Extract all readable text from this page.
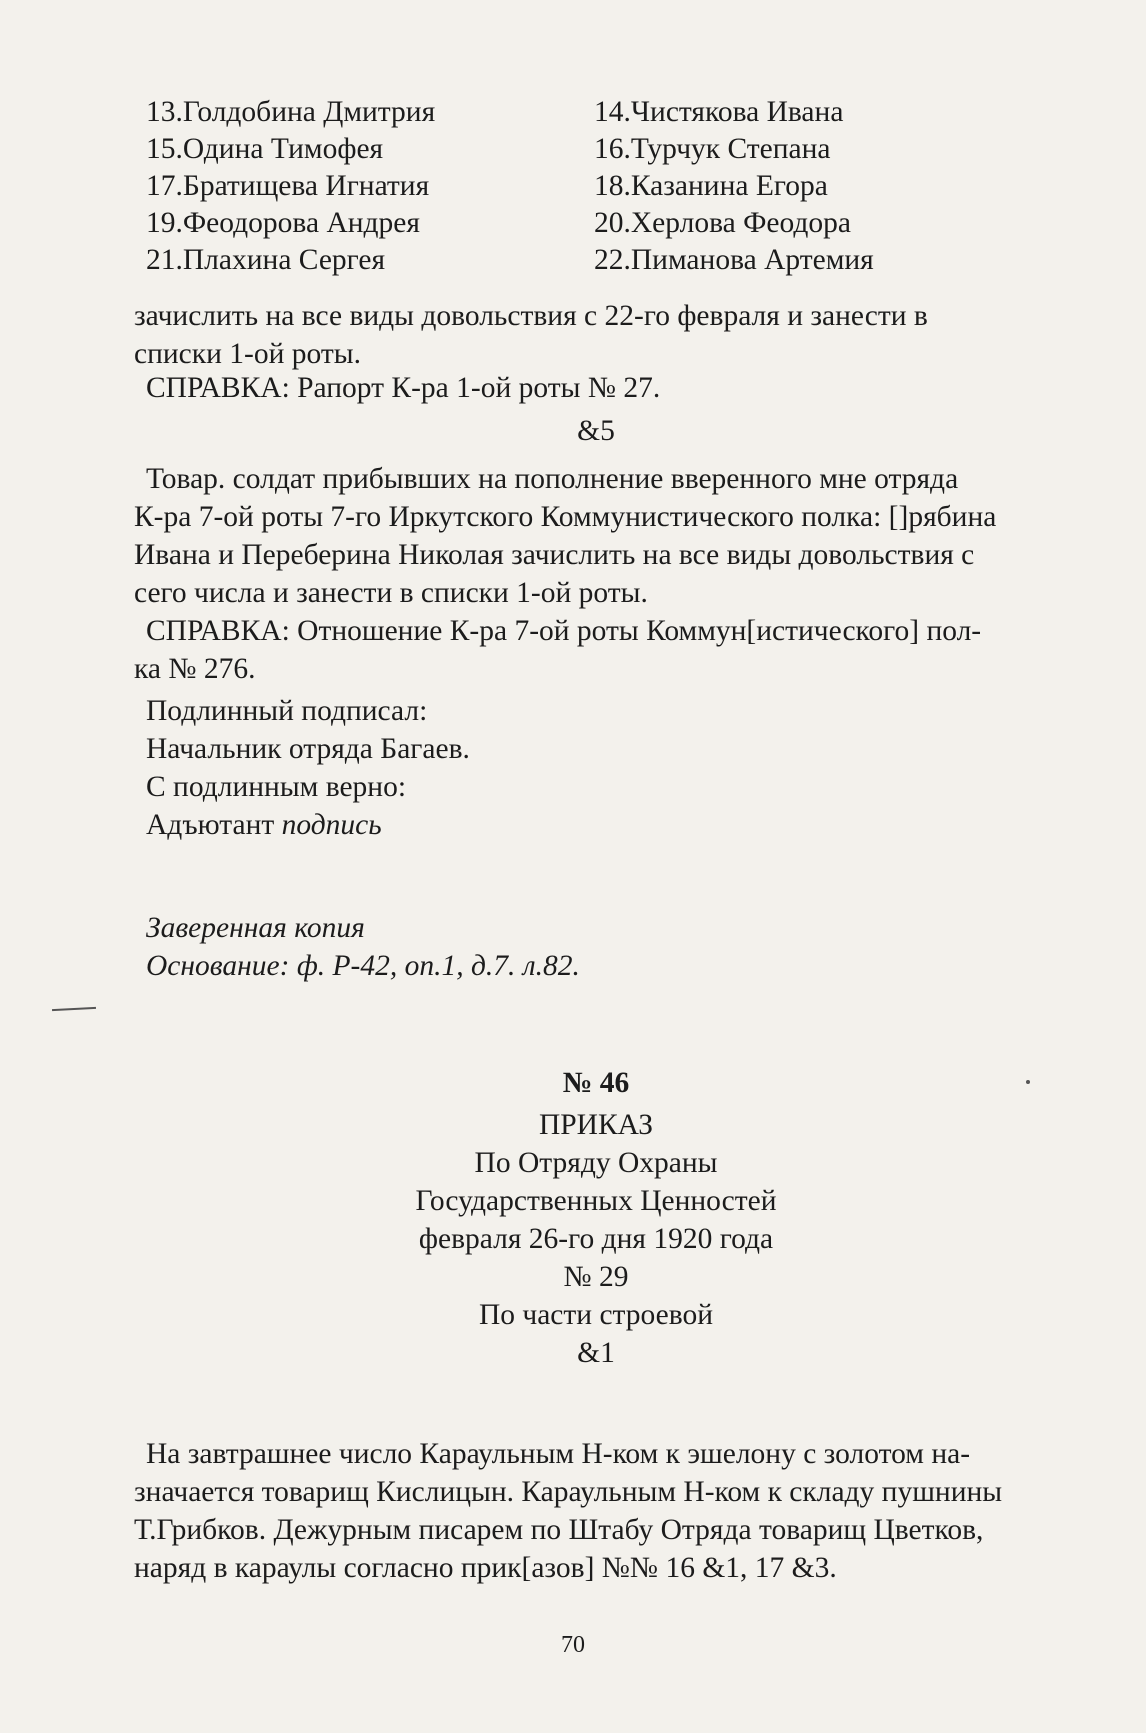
13.Голдобина Дмитрия	14.Чистякова Ивана
15.Одина Тимофея	16.Турчук Степана
17.Братищева Игнатия	18.Казанина Егора
19.Феодорова Андрея	20.Херлова Феодора
21.Плахина Сергея	22.Пиманова Артемия
зачислить на все виды довольствия с 22-го февраля и занести в
списки 1-ой роты.
СПРАВКА: Рапорт К-ра 1-ой роты № 27.
&5
Товар. солдат прибывших на пополнение вверенного мне отряда
К-ра 7-ой роты 7-го Иркутского Коммунистического полка: []рябина
Ивана и Переберина Николая зачислить на все виды довольствия с
сего числа и занести в списки 1-ой роты.
СПРАВКА: Отношение К-ра 7-ой роты Коммун[истического] пол-
ка № 276.
Подлинный подписал:
Начальник отряда Багаев.
С подлинным верно:
Адъютант подпись
Заверенная копия
Основание: ф. Р-42, оп.1, д.7. л.82.
№ 46
ПРИКАЗ
По Отряду Охраны
Государственных Ценностей
февраля 26-го дня 1920 года
№ 29
По части строевой
&1
На завтрашнее число Караульным Н-ком к эшелону с золотом на-
значается товарищ Кислицын. Караульным Н-ком к складу пушнины
Т.Грибков. Дежурным писарем по Штабу Отряда товарищ Цветков,
наряд в караулы согласно прик[азов] №№ 16 &1, 17 &3.
70
